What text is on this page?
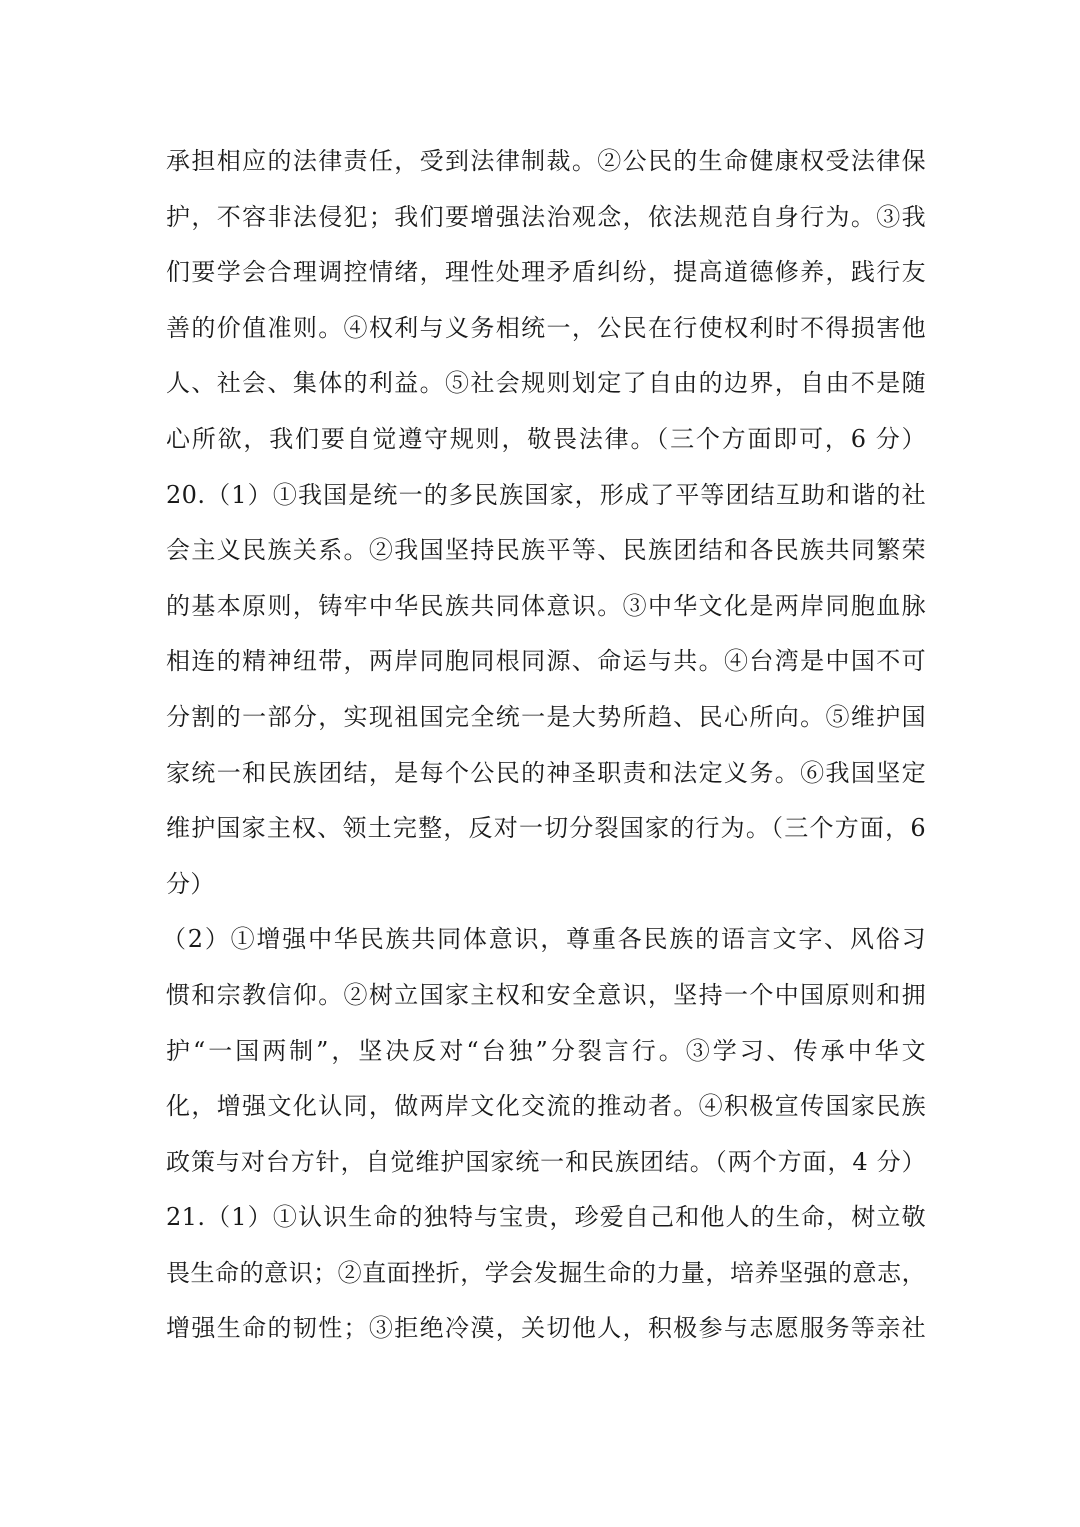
承担相应的法律责任，受到法律制裁。②公民的生命健康权受法律保
护，不容非法侵犯；我们要增强法治观念，依法规范自身行为。③我
们要学会合理调控情绪，理性处理矛盾纠纷，提高道德修养，践行友
善的价值准则。④权利与义务相统一，公民在行使权利时不得损害他
人、社会、集体的利益。⑤社会规则划定了自由的边界，自由不是随
心所欲，我们要自觉遵守规则，敬畏法律。（三个方面即可，6 分）
20.（1）①我国是统一的多民族国家，形成了平等团结互助和谐的社
会主义民族关系。②我国坚持民族平等、民族团结和各民族共同繁荣
的基本原则，铸牢中华民族共同体意识。③中华文化是两岸同胞血脉
相连的精神纽带，两岸同胞同根同源、命运与共。④台湾是中国不可
分割的一部分，实现祖国完全统一是大势所趋、民心所向。⑤维护国
家统一和民族团结，是每个公民的神圣职责和法定义务。⑥我国坚定
维护国家主权、领土完整，反对一切分裂国家的行为。（三个方面，6
分）
（2）①增强中华民族共同体意识，尊重各民族的语言文字、风俗习
惯和宗教信仰。②树立国家主权和安全意识，坚持一个中国原则和拥
护“一国两制”，坚决反对“台独”分裂言行。③学习、传承中华文
化，增强文化认同，做两岸文化交流的推动者。④积极宣传国家民族
政策与对台方针，自觉维护国家统一和民族团结。（两个方面，4 分）
21.（1）①认识生命的独特与宝贵，珍爱自己和他人的生命，树立敬
畏生命的意识；②直面挫折，学会发掘生命的力量，培养坚强的意志，
增强生命的韧性；③拒绝冷漠，关切他人，积极参与志愿服务等亲社
